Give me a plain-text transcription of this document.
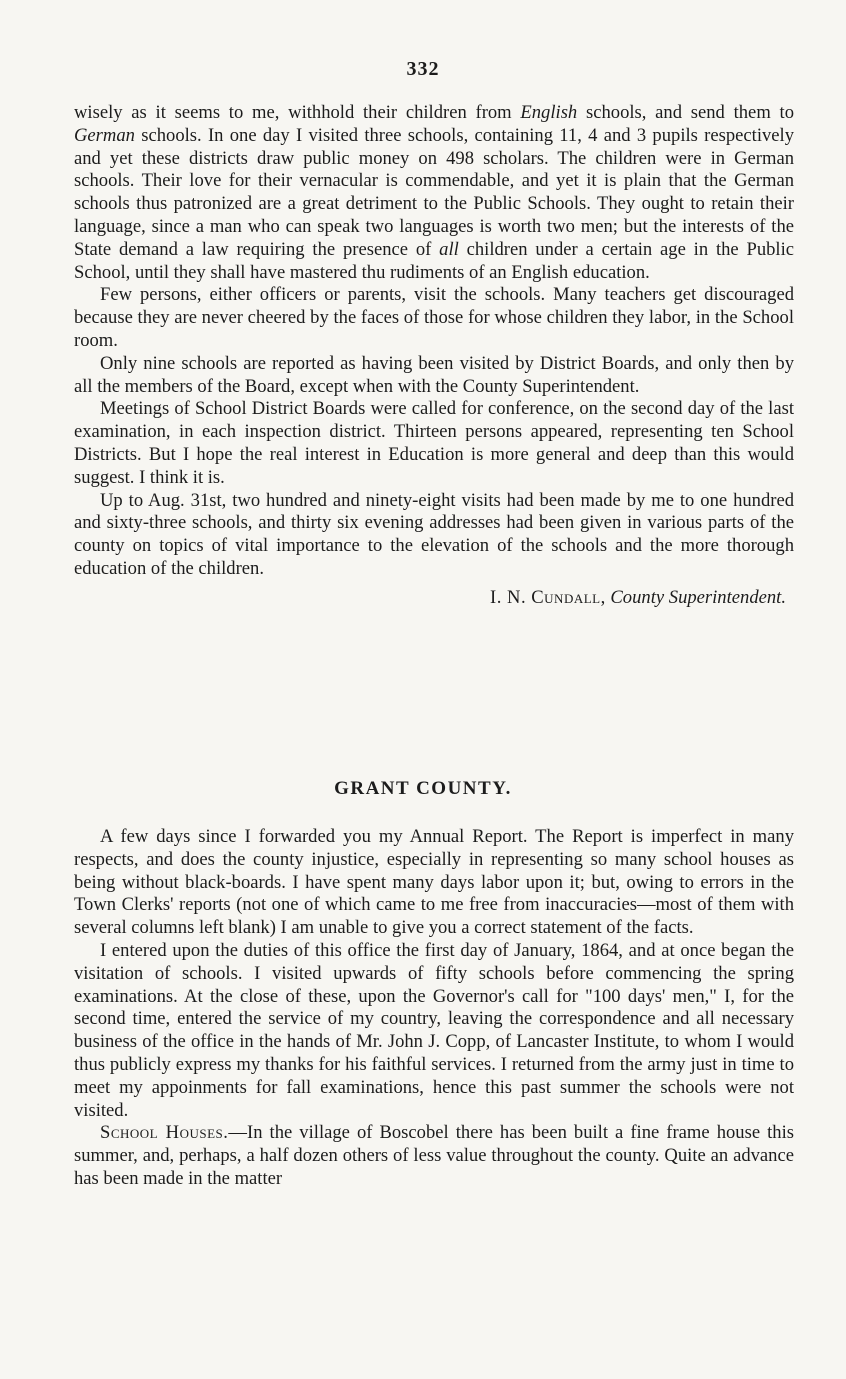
332

wisely as it seems to me, withhold their children from English schools, and send them to German schools. In one day I visited three schools, containing 11, 4 and 3 pupils respectively and yet these districts draw public money on 498 scholars. The children were in German schools. Their love for their vernacular is commendable, and yet it is plain that the German schools thus patronized are a great detriment to the Public Schools. They ought to retain their language, since a man who can speak two languages is worth two men; but the interests of the State demand a law requiring the presence of all children under a certain age in the Public School, until they shall have mastered thu rudiments of an English education.

Few persons, either officers or parents, visit the schools. Many teachers get discouraged because they are never cheered by the faces of those for whose children they labor, in the School room.

Only nine schools are reported as having been visited by District Boards, and only then by all the members of the Board, except when with the County Superintendent.

Meetings of School District Boards were called for conference, on the second day of the last examination, in each inspection district. Thirteen persons appeared, representing ten School Districts. But I hope the real interest in Education is more general and deep than this would suggest. I think it is.

Up to Aug. 31st, two hundred and ninety-eight visits had been made by me to one hundred and sixty-three schools, and thirty six evening addresses had been given in various parts of the county on topics of vital importance to the elevation of the schools and the more thorough education of the children.

I. N. Cundall, County Superintendent.

GRANT COUNTY.

A few days since I forwarded you my Annual Report. The Report is imperfect in many respects, and does the county injustice, especially in representing so many school houses as being without black-boards. I have spent many days labor upon it; but, owing to errors in the Town Clerks' reports (not one of which came to me free from inaccuracies—most of them with several columns left blank) I am unable to give you a correct statement of the facts.

I entered upon the duties of this office the first day of January, 1864, and at once began the visitation of schools. I visited upwards of fifty schools before commencing the spring examinations. At the close of these, upon the Governor's call for "100 days' men," I, for the second time, entered the service of my country, leaving the correspondence and all necessary business of the office in the hands of Mr. John J. Copp, of Lancaster Institute, to whom I would thus publicly express my thanks for his faithful services. I returned from the army just in time to meet my appoinments for fall examinations, hence this past summer the schools were not visited.

School Houses.—In the village of Boscobel there has been built a fine frame house this summer, and, perhaps, a half dozen others of less value throughout the county. Quite an advance has been made in the matter
